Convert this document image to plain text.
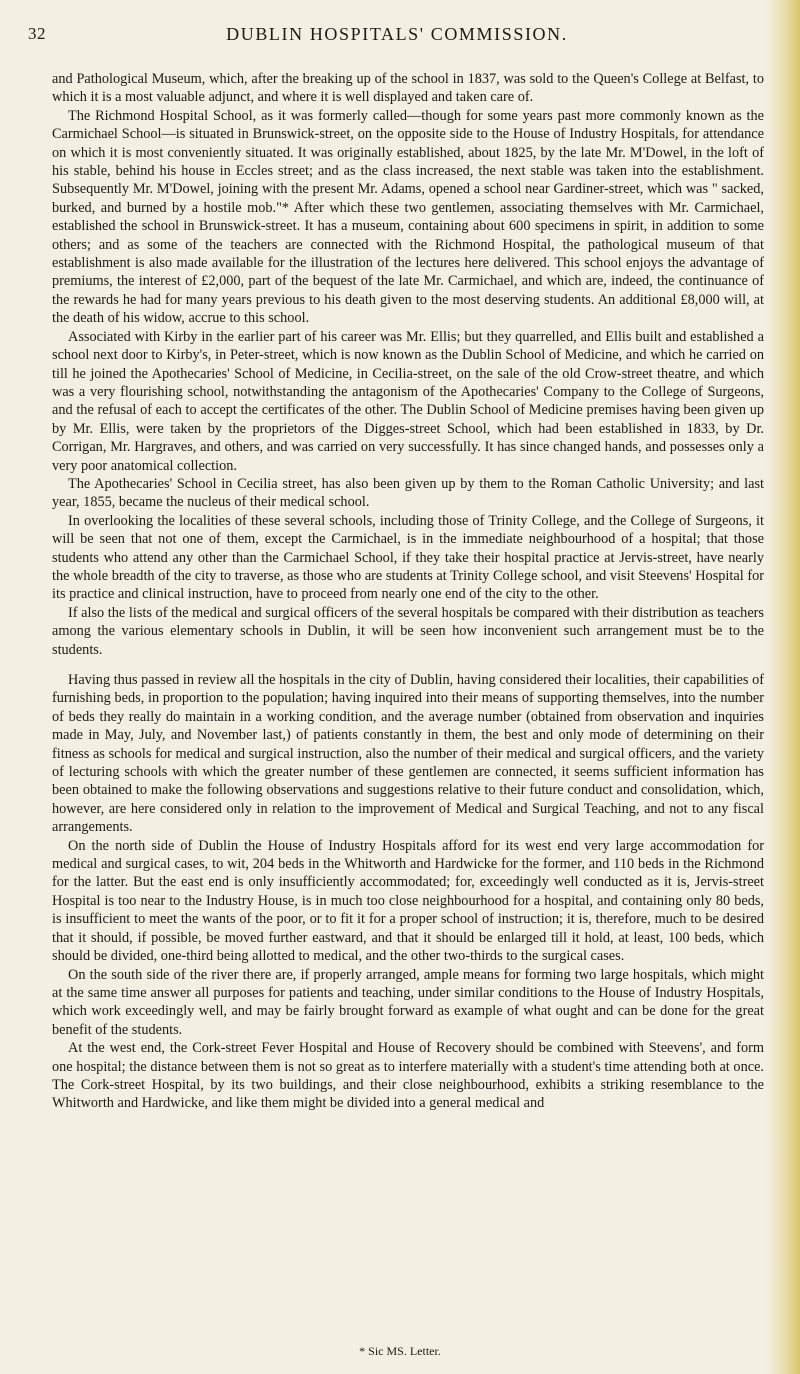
32	DUBLIN HOSPITALS' COMMISSION.

and Pathological Museum, which, after the breaking up of the school in 1837, was sold to the Queen's College at Belfast, to which it is a most valuable adjunct, and where it is well displayed and taken care of.

The Richmond Hospital School, as it was formerly called—though for some years past more commonly known as the Carmichael School—is situated in Brunswick-street, on the opposite side to the House of Industry Hospitals, for attendance on which it is most conveniently situated. It was originally established, about 1825, by the late Mr. M'Dowel, in the loft of his stable, behind his house in Eccles street; and as the class increased, the next stable was taken into the establishment. Subsequently Mr. M'Dowel, joining with the present Mr. Adams, opened a school near Gardiner-street, which was " sacked, burked, and burned by a hostile mob."* After which these two gentlemen, associating themselves with Mr. Carmichael, established the school in Brunswick-street. It has a museum, containing about 600 specimens in spirit, in addition to some others; and as some of the teachers are connected with the Richmond Hospital, the pathological museum of that establishment is also made available for the illustration of the lectures here delivered. This school enjoys the advantage of premiums, the interest of £2,000, part of the bequest of the late Mr. Carmichael, and which are, indeed, the continuance of the rewards he had for many years previous to his death given to the most deserving students. An additional £8,000 will, at the death of his widow, accrue to this school.

Associated with Kirby in the earlier part of his career was Mr. Ellis; but they quarrelled, and Ellis built and established a school next door to Kirby's, in Peter-street, which is now known as the Dublin School of Medicine, and which he carried on till he joined the Apothecaries' School of Medicine, in Cecilia-street, on the sale of the old Crow-street theatre, and which was a very flourishing school, notwithstanding the antagonism of the Apothecaries' Company to the College of Surgeons, and the refusal of each to accept the certificates of the other. The Dublin School of Medicine premises having been given up by Mr. Ellis, were taken by the proprietors of the Digges-street School, which had been established in 1833, by Dr. Corrigan, Mr. Hargraves, and others, and was carried on very successfully. It has since changed hands, and possesses only a very poor anatomical collection.

The Apothecaries' School in Cecilia street, has also been given up by them to the Roman Catholic University; and last year, 1855, became the nucleus of their medical school.

In overlooking the localities of these several schools, including those of Trinity College, and the College of Surgeons, it will be seen that not one of them, except the Carmichael, is in the immediate neighbourhood of a hospital; that those students who attend any other than the Carmichael School, if they take their hospital practice at Jervis-street, have nearly the whole breadth of the city to traverse, as those who are students at Trinity College school, and visit Steevens' Hospital for its practice and clinical instruction, have to proceed from nearly one end of the city to the other.

If also the lists of the medical and surgical officers of the several hospitals be compared with their distribution as teachers among the various elementary schools in Dublin, it will be seen how inconvenient such arrangement must be to the students.

Having thus passed in review all the hospitals in the city of Dublin, having considered their localities, their capabilities of furnishing beds, in proportion to the population; having inquired into their means of supporting themselves, into the number of beds they really do maintain in a working condition, and the average number (obtained from observation and inquiries made in May, July, and November last,) of patients constantly in them, the best and only mode of determining on their fitness as schools for medical and surgical instruction, also the number of their medical and surgical officers, and the variety of lecturing schools with which the greater number of these gentlemen are connected, it seems sufficient information has been obtained to make the following observations and suggestions relative to their future conduct and consolidation, which, however, are here considered only in relation to the improvement of Medical and Surgical Teaching, and not to any fiscal arrangements.

On the north side of Dublin the House of Industry Hospitals afford for its west end very large accommodation for medical and surgical cases, to wit, 204 beds in the Whitworth and Hardwicke for the former, and 110 beds in the Richmond for the latter. But the east end is only insufficiently accommodated; for, exceedingly well conducted as it is, Jervis-street Hospital is too near to the Industry House, is in much too close neighbourhood for a hospital, and containing only 80 beds, is insufficient to meet the wants of the poor, or to fit it for a proper school of instruction; it is, therefore, much to be desired that it should, if possible, be moved further eastward, and that it should be enlarged till it hold, at least, 100 beds, which should be divided, one-third being allotted to medical, and the other two-thirds to the surgical cases.

On the south side of the river there are, if properly arranged, ample means for forming two large hospitals, which might at the same time answer all purposes for patients and teaching, under similar conditions to the House of Industry Hospitals, which work exceedingly well, and may be fairly brought forward as example of what ought and can be done for the great benefit of the students.

At the west end, the Cork-street Fever Hospital and House of Recovery should be combined with Steevens', and form one hospital; the distance between them is not so great as to interfere materially with a student's time attending both at once. The Cork-street Hospital, by its two buildings, and their close neighbourhood, exhibits a striking resemblance to the Whitworth and Hardwicke, and like them might be divided into a general medical and

* Sic MS. Letter.
